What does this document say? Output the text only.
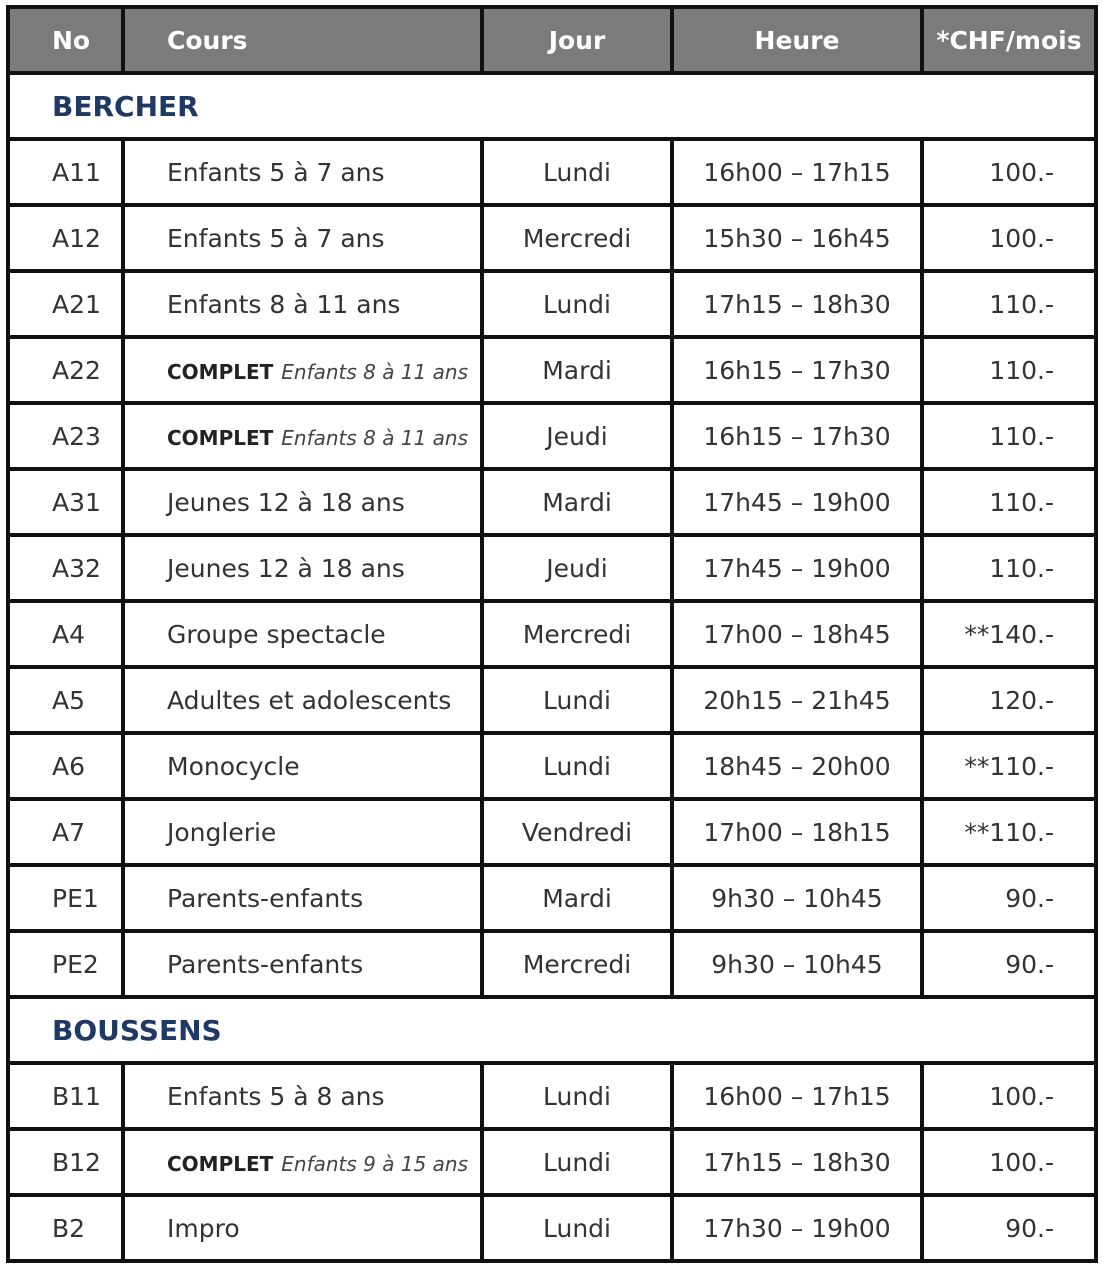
No	Cours	Jour	Heure	*CHF/mois
BERCHER				
A11	Enfants 5 à 7 ans	Lundi	16h00 – 17h15	100.-
A12	Enfants 5 à 7 ans	Mercredi	15h30 – 16h45	100.-
A21	Enfants 8 à 11 ans	Lundi	17h15 – 18h30	110.-
A22	COMPLET Enfants 8 à 11 ans	Mardi	16h15 – 17h30	110.-
A23	COMPLET Enfants 8 à 11 ans	Jeudi	16h15 – 17h30	110.-
A31	Jeunes 12 à 18 ans	Mardi	17h45 – 19h00	110.-
A32	Jeunes 12 à 18 ans	Jeudi	17h45 – 19h00	110.-
A4	Groupe spectacle	Mercredi	17h00 – 18h45	**140.-
A5	Adultes et adolescents	Lundi	20h15 – 21h45	120.-
A6	Monocycle	Lundi	18h45 – 20h00	**110.-
A7	Jonglerie	Vendredi	17h00 – 18h15	**110.-
PE1	Parents-enfants	Mardi	9h30 – 10h45	90.-
PE2	Parents-enfants	Mercredi	9h30 – 10h45	90.-
BOUSSENS				
B11	Enfants 5 à 8 ans	Lundi	16h00 – 17h15	100.-
B12	COMPLET Enfants 9 à 15 ans	Lundi	17h15 – 18h30	100.-
B2	Impro	Lundi	17h30 – 19h00	90.-
